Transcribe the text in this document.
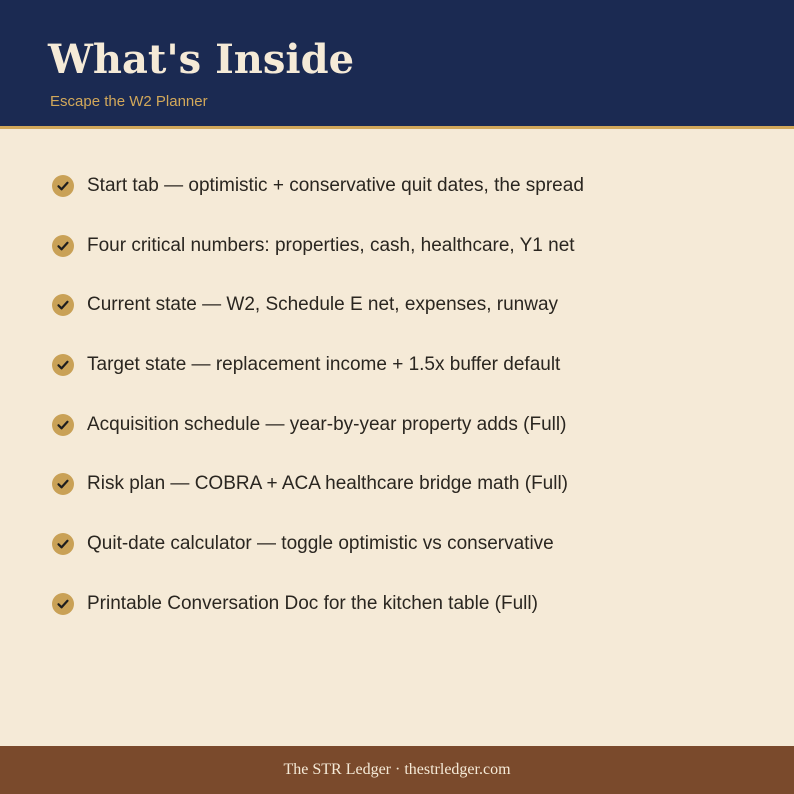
What's Inside
Escape the W2 Planner
Start tab — optimistic + conservative quit dates, the spread
Four critical numbers: properties, cash, healthcare, Y1 net
Current state — W2, Schedule E net, expenses, runway
Target state — replacement income + 1.5x buffer default
Acquisition schedule — year-by-year property adds (Full)
Risk plan — COBRA + ACA healthcare bridge math (Full)
Quit-date calculator — toggle optimistic vs conservative
Printable Conversation Doc for the kitchen table (Full)
The STR Ledger · thestrledger.com
